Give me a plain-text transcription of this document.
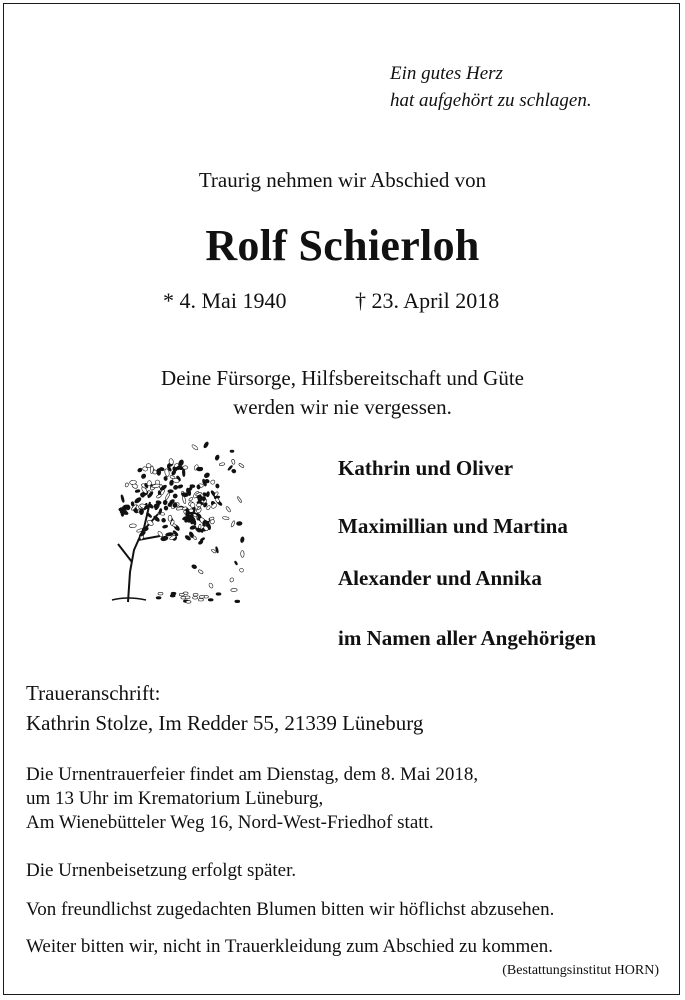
Ein gutes Herz
hat aufgehört zu schlagen.
Traurig nehmen wir Abschied von
Rolf Schierloh
* 4. Mai 1940	† 23. April 2018
Deine Fürsorge, Hilfsbereitschaft und Güte
werden wir nie vergessen.
Kathrin und Oliver
Maximillian und Martina
Alexander und Annika
im Namen aller Angehörigen
Traueranschrift:
Kathrin Stolze, Im Redder 55, 21339 Lüneburg
Die Urnentrauerfeier findet am Dienstag, dem 8. Mai 2018,
um 13 Uhr im Krematorium Lüneburg,
Am Wienebütteler Weg 16, Nord-West-Friedhof statt.
Die Urnenbeisetzung erfolgt später.
Von freundlichst zugedachten Blumen bitten wir höflichst abzusehen.
Weiter bitten wir, nicht in Trauerkleidung zum Abschied zu kommen.
(Bestattungsinstitut HORN)
